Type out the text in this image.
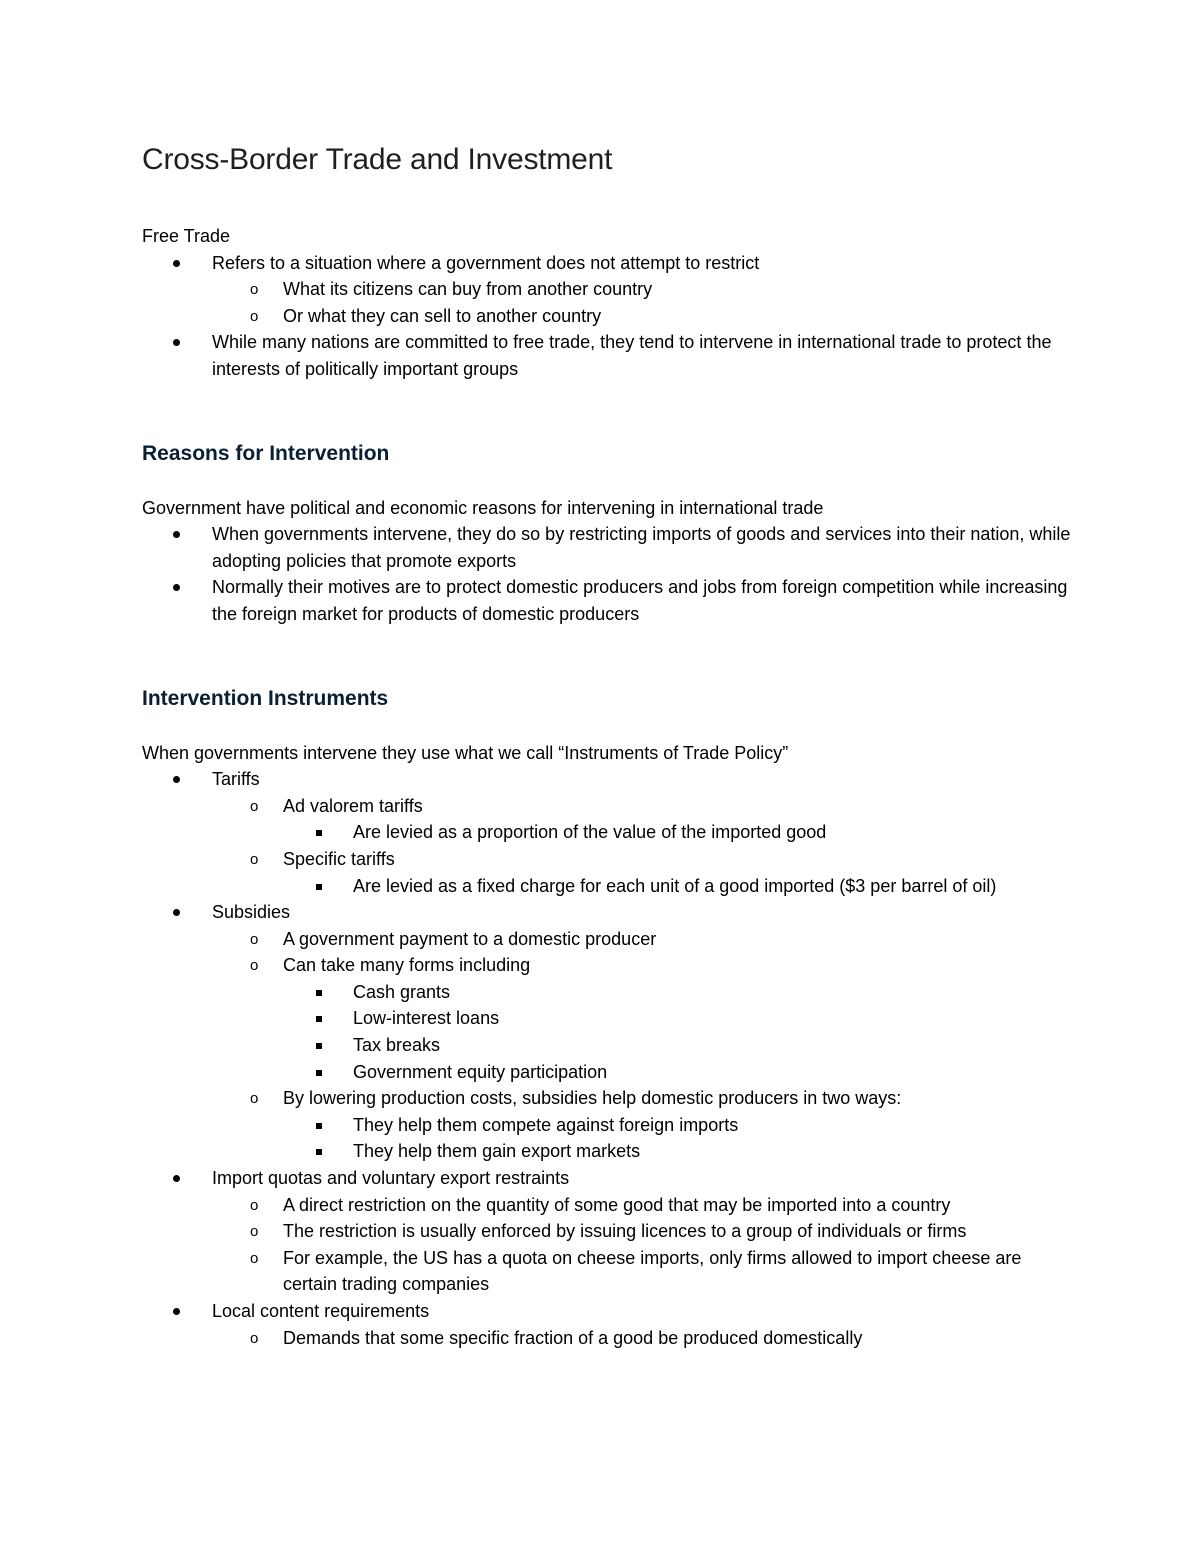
Cross-Border Trade and Investment

Free Trade

Refers to a situation where a government does not attempt to restrict
o What its citizens can buy from another country
o Or what they can sell to another country
While many nations are committed to free trade, they tend to intervene in international trade to protect the interests of politically important groups
Reasons for Intervention

Government have political and economic reasons for intervening in international trade

When governments intervene, they do so by restricting imports of goods and services into their nation, while adopting policies that promote exports
Normally their motives are to protect domestic producers and jobs from foreign competition while increasing the foreign market for products of domestic producers
Intervention Instruments

When governments intervene they use what we call “Instruments of Trade Policy”

Tariffs
o Ad valorem tariffs
Are levied as a proportion of the value of the imported good
o Specific tariffs
Are levied as a fixed charge for each unit of a good imported ($3 per barrel of oil)
Subsidies
o A government payment to a domestic producer
o Can take many forms including
Cash grants
Low-interest loans
Tax breaks
Government equity participation
o By lowering production costs, subsidies help domestic producers in two ways:
They help them compete against foreign imports
They help them gain export markets
Import quotas and voluntary export restraints
o A direct restriction on the quantity of some good that may be imported into a country
o The restriction is usually enforced by issuing licences to a group of individuals or firms
o For example, the US has a quota on cheese imports, only firms allowed to import cheese are certain trading companies
Local content requirements
o Demands that some specific fraction of a good be produced domestically
